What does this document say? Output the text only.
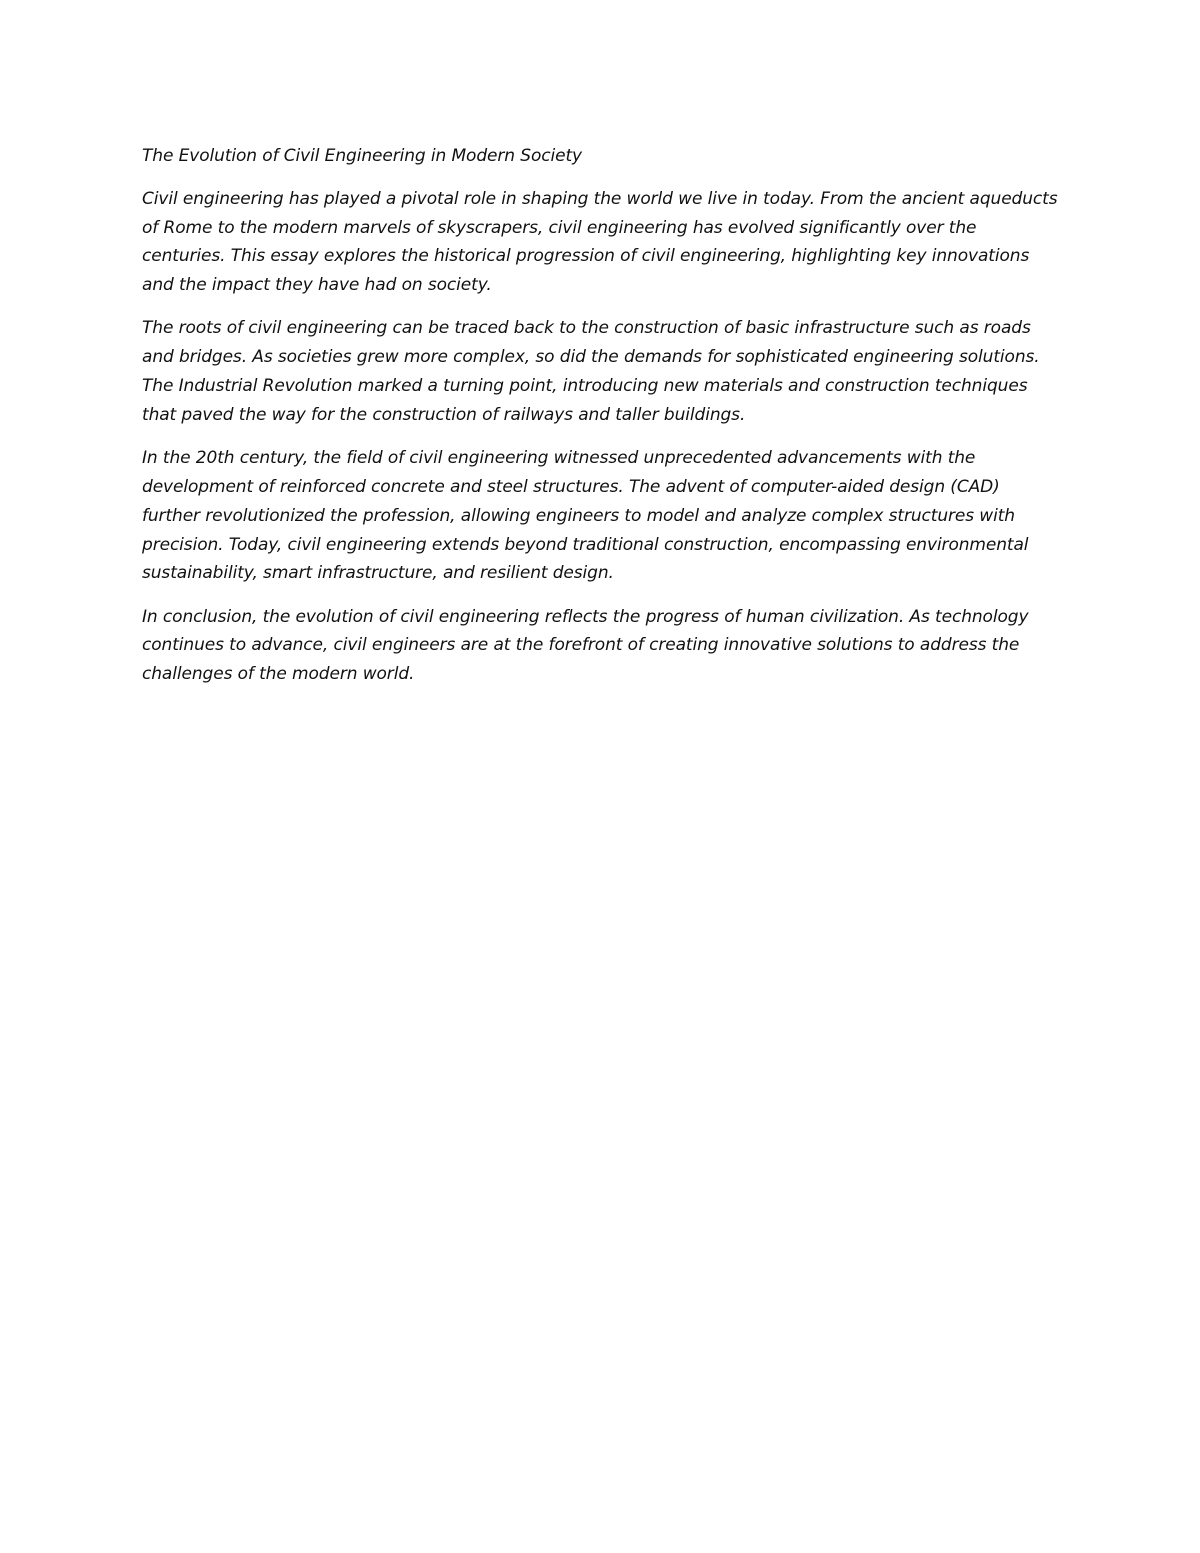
The Evolution of Civil Engineering in Modern Society

Civil engineering has played a pivotal role in shaping the world we live in today. From the ancient aqueducts of Rome to the modern marvels of skyscrapers, civil engineering has evolved significantly over the centuries. This essay explores the historical progression of civil engineering, highlighting key innovations and the impact they have had on society.

The roots of civil engineering can be traced back to the construction of basic infrastructure such as roads and bridges. As societies grew more complex, so did the demands for sophisticated engineering solutions. The Industrial Revolution marked a turning point, introducing new materials and construction techniques that paved the way for the construction of railways and taller buildings.

In the 20th century, the field of civil engineering witnessed unprecedented advancements with the development of reinforced concrete and steel structures. The advent of computer-aided design (CAD) further revolutionized the profession, allowing engineers to model and analyze complex structures with precision. Today, civil engineering extends beyond traditional construction, encompassing environmental sustainability, smart infrastructure, and resilient design.

In conclusion, the evolution of civil engineering reflects the progress of human civilization. As technology continues to advance, civil engineers are at the forefront of creating innovative solutions to address the challenges of the modern world.
